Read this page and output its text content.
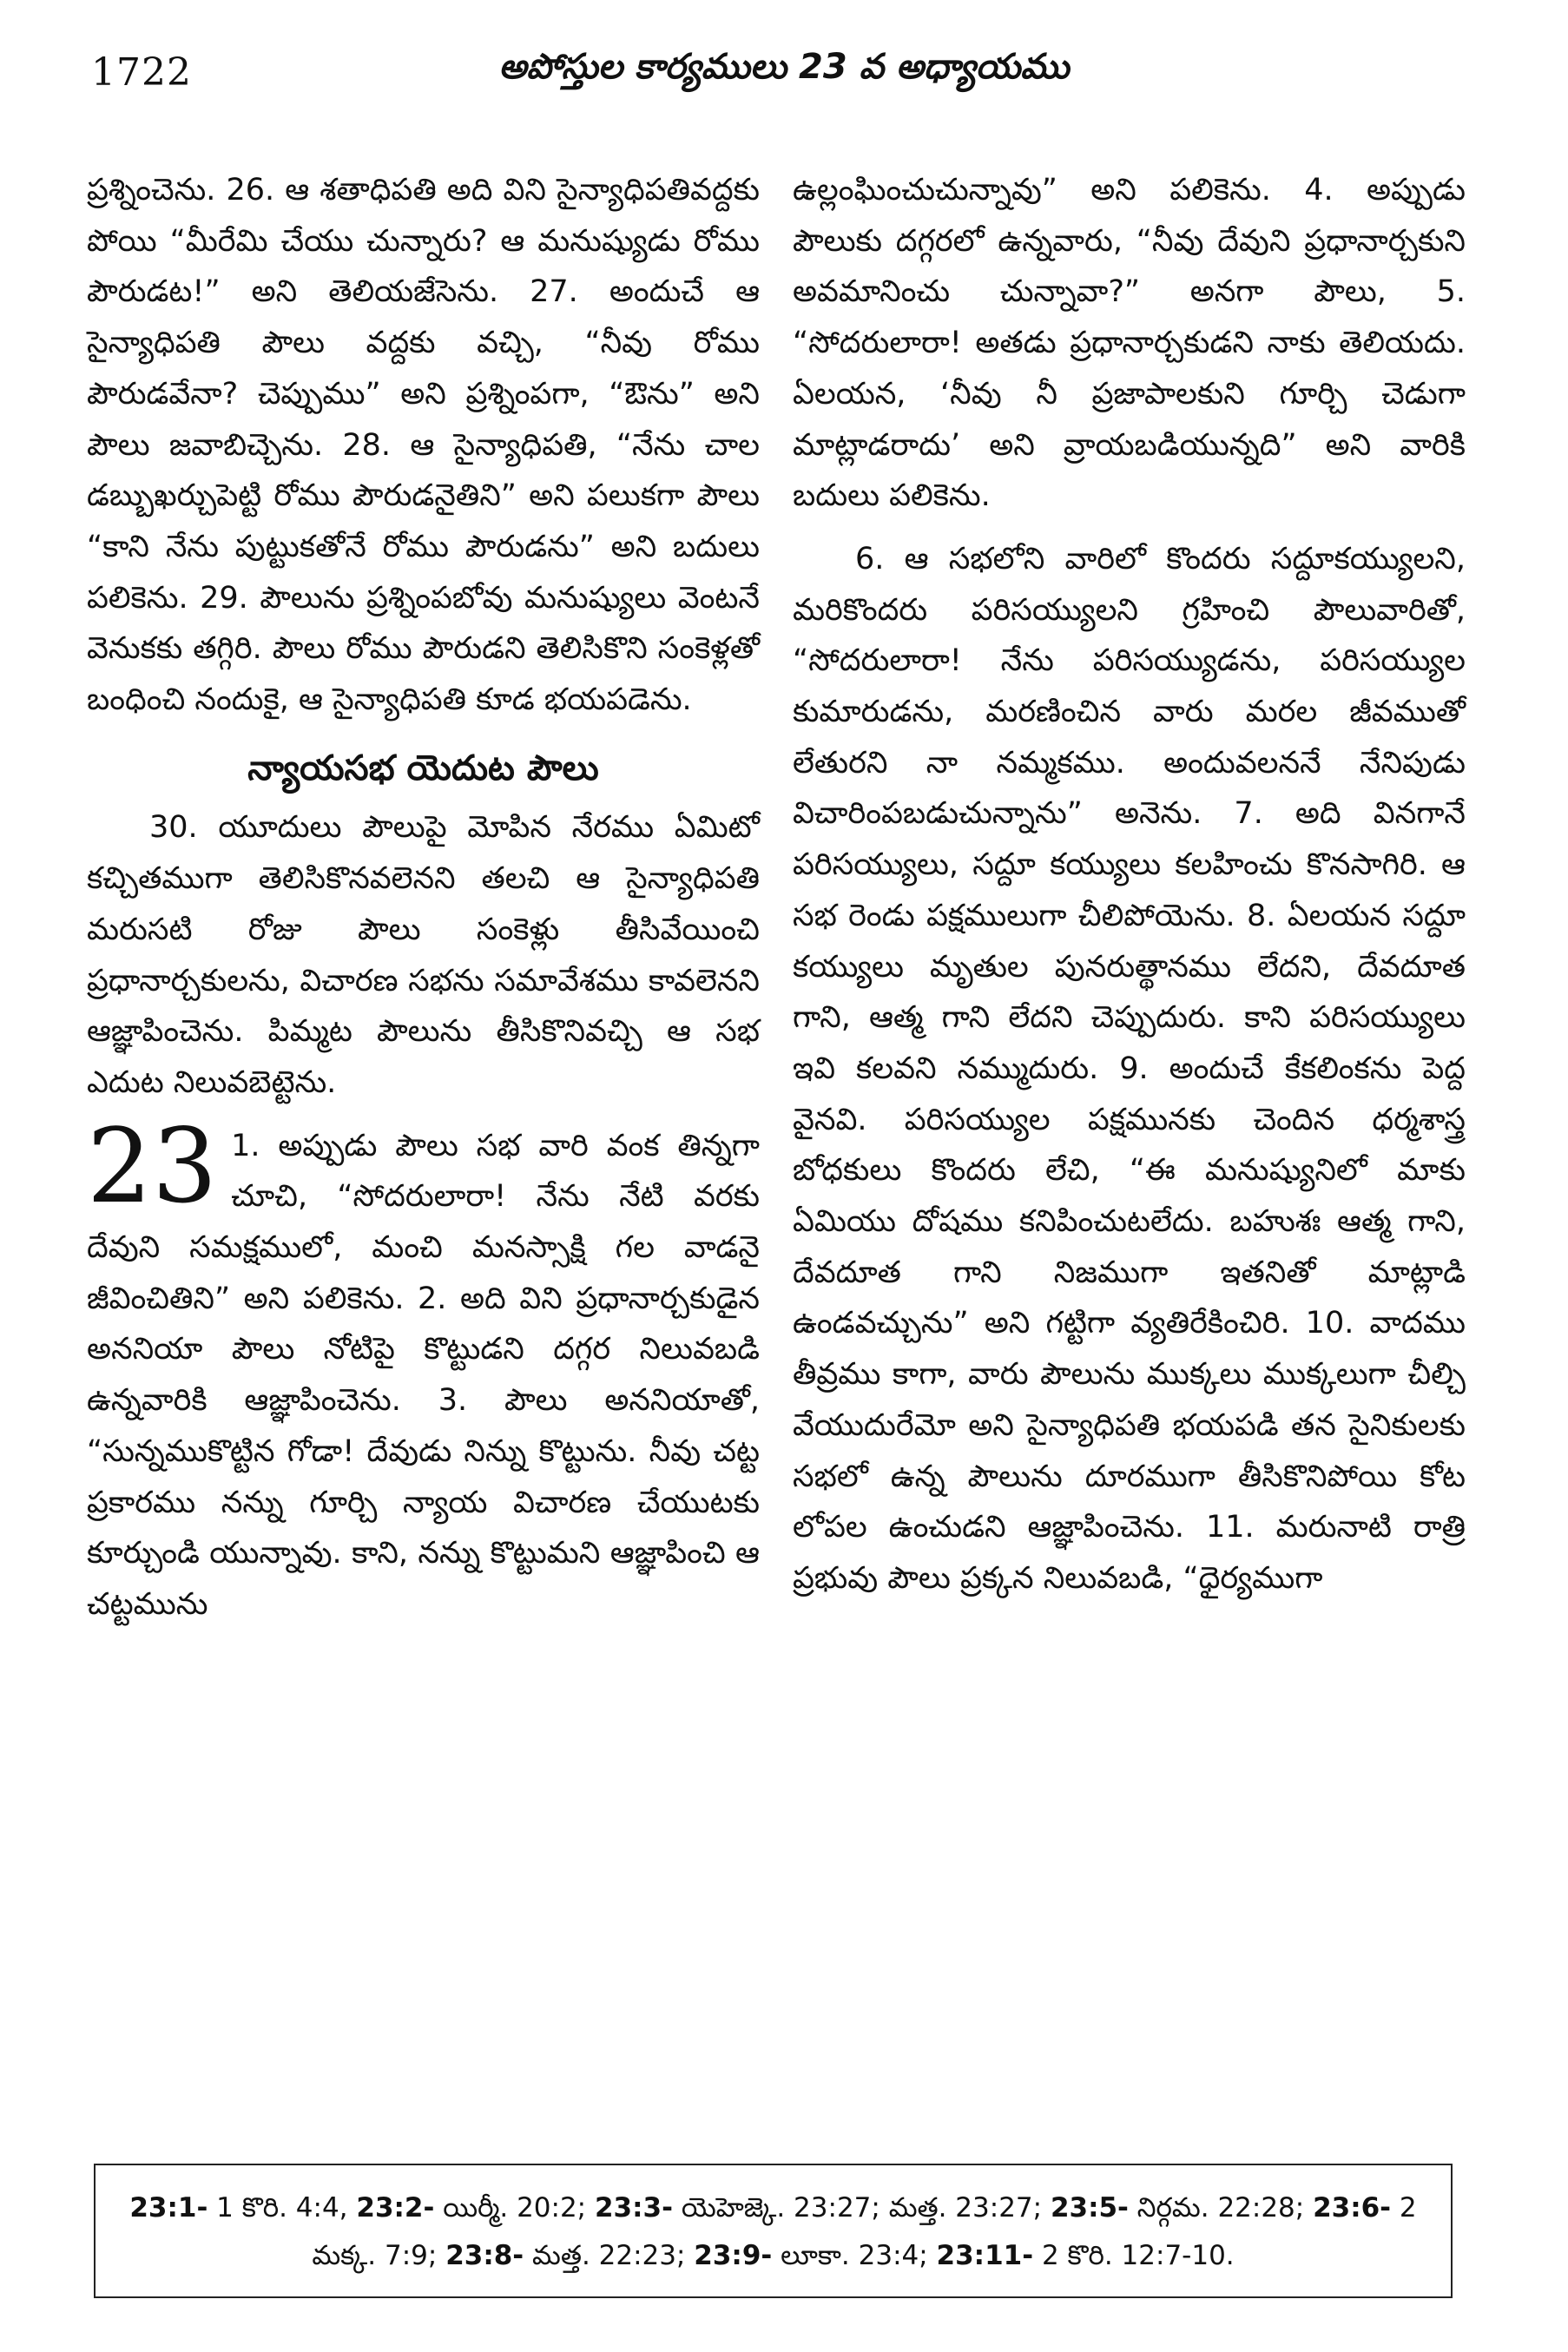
1722	అపోస్తుల కార్యములు 23 వ అధ్యాయము

ప్రశ్నించెను. 26. ఆ శతాధిపతి అది విని సైన్యాధిపతివద్దకు పోయి “మీరేమి చేయు చున్నారు? ఆ మనుష్యుడు రోము పౌరుడట!” అని తెలియజేసెను. 27. అందుచే ఆ సైన్యాధిపతి పౌలు వద్దకు వచ్చి, “నీవు రోము పౌరుడవేనా? చెప్పుము” అని ప్రశ్నింపగా, “ఔను” అని పౌలు జవాబిచ్చెను. 28. ఆ సైన్యాధిపతి, “నేను చాల డబ్బుఖర్చుపెట్టి రోము పౌరుడనైతిని” అని పలుకగా పౌలు “కాని నేను పుట్టుకతోనే రోము పౌరుడను” అని బదులు పలికెను. 29. పౌలును ప్రశ్నింపబోవు మనుష్యులు వెంటనే వెనుకకు తగ్గిరి. పౌలు రోము పౌరుడని తెలిసికొని సంకెళ్లతో బంధించి నందుకై, ఆ సైన్యాధిపతి కూడ భయపడెను.

న్యాయసభ యెదుట పౌలు

30. యూదులు పౌలుపై మోపిన నేరము ఏమిటో కచ్చితముగా తెలిసికొనవలెనని తలచి ఆ సైన్యాధిపతి మరుసటి రోజు పౌలు సంకెళ్లు తీసివేయించి ప్రధానార్చకులను, విచారణ సభను సమావేశము కావలెనని ఆజ్ఞాపించెను. పిమ్మట పౌలును తీసికొనివచ్చి ఆ సభ ఎదుట నిలువబెట్టెను.

23 1. అప్పుడు పౌలు సభ వారి వంక తిన్నగా చూచి, “సోదరులారా! నేను నేటి వరకు దేవుని సమక్షములో, మంచి మనస్సాక్షి గల వాడనై జీవించితిని” అని పలికెను. 2. అది విని ప్రధానార్చకుడైన అననియా పౌలు నోటిపై కొట్టుడని దగ్గర నిలువబడి ఉన్నవారికి ఆజ్ఞాపించెను. 3. పౌలు అననియాతో, “సున్నముకొట్టిన గోడా! దేవుడు నిన్ను కొట్టును. నీవు చట్ట ప్రకారము నన్ను గూర్చి న్యాయ విచారణ చేయుటకు కూర్చుండి యున్నావు. కాని, నన్ను కొట్టుమని ఆజ్ఞాపించి ఆ చట్టమును

ఉల్లంఘించుచున్నావు” అని పలికెను. 4. అప్పుడు పౌలుకు దగ్గరలో ఉన్నవారు, “నీవు దేవుని ప్రధానార్చకుని అవమానించు చున్నావా?” అనగా పౌలు, 5. “సోదరులారా! అతడు ప్రధానార్చకుడని నాకు తెలియదు. ఏలయన, ‘నీవు నీ ప్రజాపాలకుని గూర్చి చెడుగా మాట్లాడరాదు’ అని వ్రాయబడియున్నది” అని వారికి బదులు పలికెను.

6. ఆ సభలోని వారిలో కొందరు సద్దూకయ్యులని, మరికొందరు పరిసయ్యులని గ్రహించి పౌలువారితో, “సోదరులారా! నేను పరిసయ్యుడను, పరిసయ్యుల కుమారుడను, మరణించిన వారు మరల జీవముతో లేతురని నా నమ్మకము. అందువలననే నేనిపుడు విచారింపబడుచున్నాను” అనెను. 7. అది వినగానే పరిసయ్యులు, సద్దూ కయ్యులు కలహించు కొనసాగిరి. ఆ సభ రెండు పక్షములుగా చీలిపోయెను. 8. ఏలయన సద్దూ కయ్యులు మృతుల పునరుత్థానము లేదని, దేవదూత గాని, ఆత్మ గాని లేదని చెప్పుదురు. కాని పరిసయ్యులు ఇవి కలవని నమ్ముదురు. 9. అందుచే కేకలింకను పెద్ద వైనవి. పరిసయ్యుల పక్షమునకు చెందిన ధర్మశాస్త్ర బోధకులు కొందరు లేచి, “ఈ మనుష్యునిలో మాకు ఏమియు దోషము కనిపించుటలేదు. బహుశః ఆత్మ గాని, దేవదూత గాని నిజముగా ఇతనితో మాట్లాడి ఉండవచ్చును” అని గట్టిగా వ్యతిరేకించిరి. 10. వాదము తీవ్రము కాగా, వారు పౌలును ముక్కలు ముక్కలుగా చీల్చి వేయుదురేమో అని సైన్యాధిపతి భయపడి తన సైనికులకు సభలో ఉన్న పౌలును దూరముగా తీసికొనిపోయి కోట లోపల ఉంచుడని ఆజ్ఞాపించెను. 11. మరునాటి రాత్రి ప్రభువు పౌలు ప్రక్కన నిలువబడి, “ధైర్యముగా

23:1- 1 కొరి. 4:4, 23:2- యిర్మీ. 20:2; 23:3- యెహెజ్కె. 23:27; మత్త. 23:27; 23:5- నిర్గమ. 22:28; 23:6- 2 మక్క. 7:9; 23:8- మత్త. 22:23; 23:9- లూకా. 23:4; 23:11- 2 కొరి. 12:7-10.
